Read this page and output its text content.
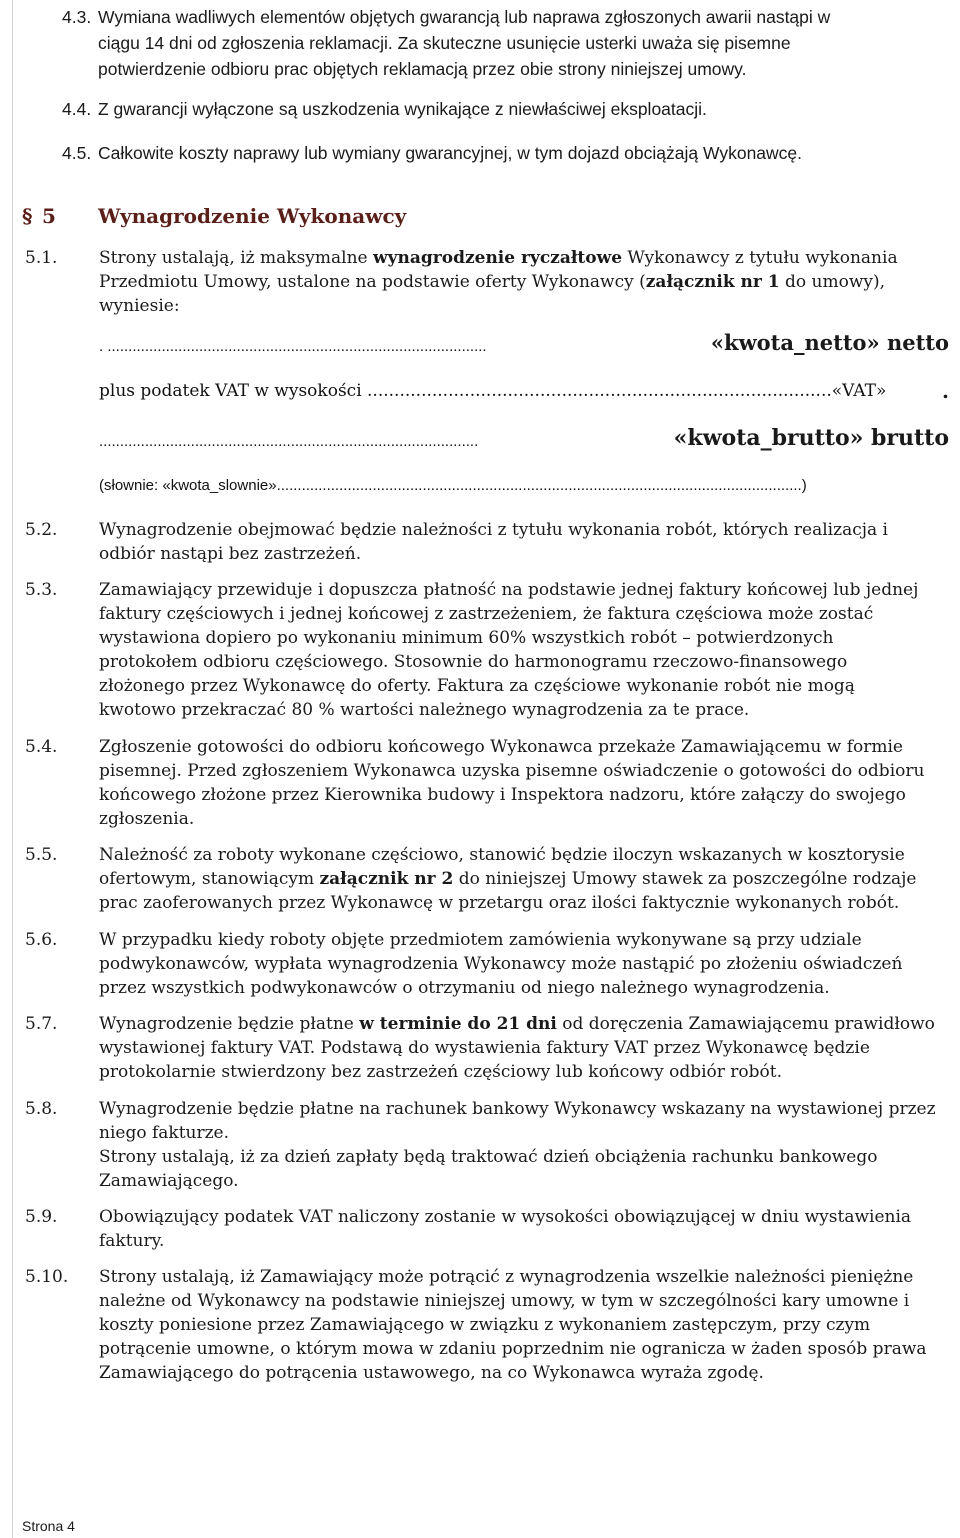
4.3. Wymiana wadliwych elementów objętych gwarancją lub naprawa zgłoszonych awarii nastąpi w
ciągu 14 dni od zgłoszenia reklamacji. Za skuteczne usunięcie usterki uważa się pisemne
potwierdzenie odbioru prac objętych reklamacją przez obie strony niniejszej umowy.
4.4. Z gwarancji wyłączone są uszkodzenia wynikające z niewłaściwej eksploatacji.
4.5. Całkowite koszty naprawy lub wymiany gwarancyjnej, w tym dojazd obciążają Wykonawcę.
§ 5 Wynagrodzenie Wykonawcy
5.1. Strony ustalają, iż maksymalne wynagrodzenie ryczałtowe Wykonawcy z tytułu wykonania
Przedmiotu Umowy, ustalone na podstawie oferty Wykonawcy (załącznik nr 1 do umowy),
wyniesie:
. ...........................................................................................	«kwota_netto» netto
plus podatek VAT w wysokości ......................................................................................«VAT»	.
...........................................................................................	«kwota_brutto» brutto
(słownie: «kwota_slownie»..............................................................................................................................)
5.2. Wynagrodzenie obejmować będzie należności z tytułu wykonania robót, których realizacja i
odbiór nastąpi bez zastrzeżeń.
5.3. Zamawiający przewiduje i dopuszcza płatność na podstawie jednej faktury końcowej lub jednej
faktury częściowych i jednej końcowej z zastrzeżeniem, że faktura częściowa może zostać
wystawiona dopiero po wykonaniu minimum 60% wszystkich robót – potwierdzonych
protokołem odbioru częściowego. Stosownie do harmonogramu rzeczowo-finansowego
złożonego przez Wykonawcę do oferty. Faktura za częściowe wykonanie robót nie mogą
kwotowo przekraczać 80 % wartości należnego wynagrodzenia za te prace.
5.4. Zgłoszenie gotowości do odbioru końcowego Wykonawca przekaże Zamawiającemu w formie
pisemnej. Przed zgłoszeniem Wykonawca uzyska pisemne oświadczenie o gotowości do odbioru
końcowego złożone przez Kierownika budowy i Inspektora nadzoru, które załączy do swojego
zgłoszenia.
5.5. Należność za roboty wykonane częściowo, stanowić będzie iloczyn wskazanych w kosztorysie
ofertowym, stanowiącym załącznik nr 2 do niniejszej Umowy stawek za poszczególne rodzaje
prac zaoferowanych przez Wykonawcę w przetargu oraz ilości faktycznie wykonanych robót.
5.6. W przypadku kiedy roboty objęte przedmiotem zamówienia wykonywane są przy udziale
podwykonawców, wypłata wynagrodzenia Wykonawcy może nastąpić po złożeniu oświadczeń
przez wszystkich podwykonawców o otrzymaniu od niego należnego wynagrodzenia.
5.7. Wynagrodzenie będzie płatne w terminie do 21 dni od doręczenia Zamawiającemu prawidłowo
wystawionej faktury VAT. Podstawą do wystawienia faktury VAT przez Wykonawcę będzie
protokolarnie stwierdzony bez zastrzeżeń częściowy lub końcowy odbiór robót.
5.8. Wynagrodzenie będzie płatne na rachunek bankowy Wykonawcy wskazany na wystawionej przez
niego fakturze.
Strony ustalają, iż za dzień zapłaty będą traktować dzień obciążenia rachunku bankowego
Zamawiającego.
5.9. Obowiązujący podatek VAT naliczony zostanie w wysokości obowiązującej w dniu wystawienia
faktury.
5.10. Strony ustalają, iż Zamawiający może potrącić z wynagrodzenia wszelkie należności pieniężne
należne od Wykonawcy na podstawie niniejszej umowy, w tym w szczególności kary umowne i
koszty poniesione przez Zamawiającego w związku z wykonaniem zastępczym, przy czym
potrącenie umowne, o którym mowa w zdaniu poprzednim nie ogranicza w żaden sposób prawa
Zamawiającego do potrącenia ustawowego, na co Wykonawca wyraża zgodę.
Strona 4
